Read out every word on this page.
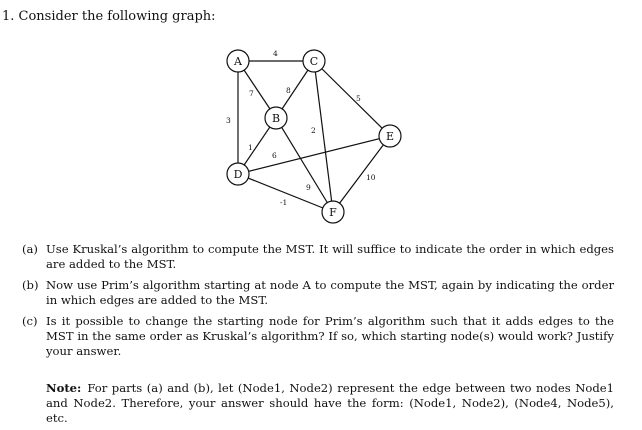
1. Consider the following graph:
4
7
3
8
5
2
1
6
-1
9
10
A	C
B
E
D
F
(a) Use Kruskal’s algorithm to compute the MST. It will suffice to indicate the order in which edges are added to the MST.
(b) Now use Prim’s algorithm starting at node A to compute the MST, again by indicating the order in which edges are added to the MST.
(c) Is it possible to change the starting node for Prim’s algorithm such that it adds edges to the MST in the same order as Kruskal’s algorithm? If so, which starting node(s) would work? Justify your answer.
Note: For parts (a) and (b), let (Node1, Node2) represent the edge between two nodes Node1 and Node2. Therefore, your answer should have the form: (Node1, Node2), (Node4, Node5), etc.
